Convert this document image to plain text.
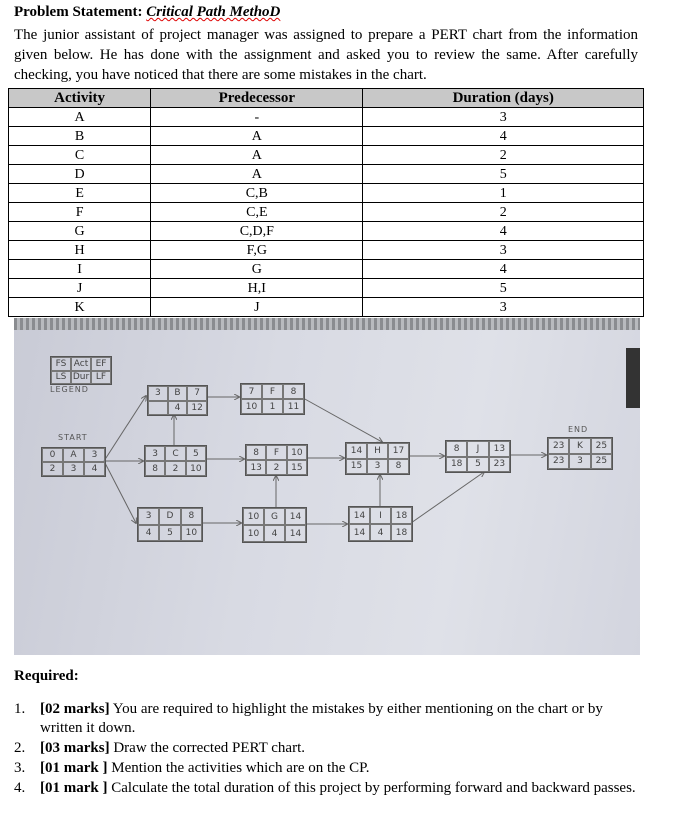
Problem Statement: Critical Path MethoD
The junior assistant of project manager was assigned to prepare a PERT chart from the information given below. He has done with the assignment and asked you to review the same. After carefully checking, you have noticed that there are some mistakes in the chart.
Activity	Predecessor	Duration (days)
A	-	3
B	A	4
C	A	2
D	A	5
E	C,B	1
F	C,E	2
G	C,D,F	4
H	F,G	3
I	G	4
J	H,I	5
K	J	3
FS Act EF
LS Dur LF
LEGEND
START
END
0	A	3
2	3	4
3	B	7
4	12
7	F	8
10	1	11
3	C	5
8	2	10
8	F	10
13	2	15
3	D	8
4	5	10
10	G	14
10	4	14
14	H	17
15	3	8
14	I	18
14	4	18
8	J	13
18	5	23
23	K	25
23	3	25
Required:
1. [02 marks] You are required to highlight the mistakes by either mentioning on the chart or by written it down.
2. [03 marks] Draw the corrected PERT chart.
3. [01 mark ] Mention the activities which are on the CP.
4. [01 mark ] Calculate the total duration of this project by performing forward and backward passes.
